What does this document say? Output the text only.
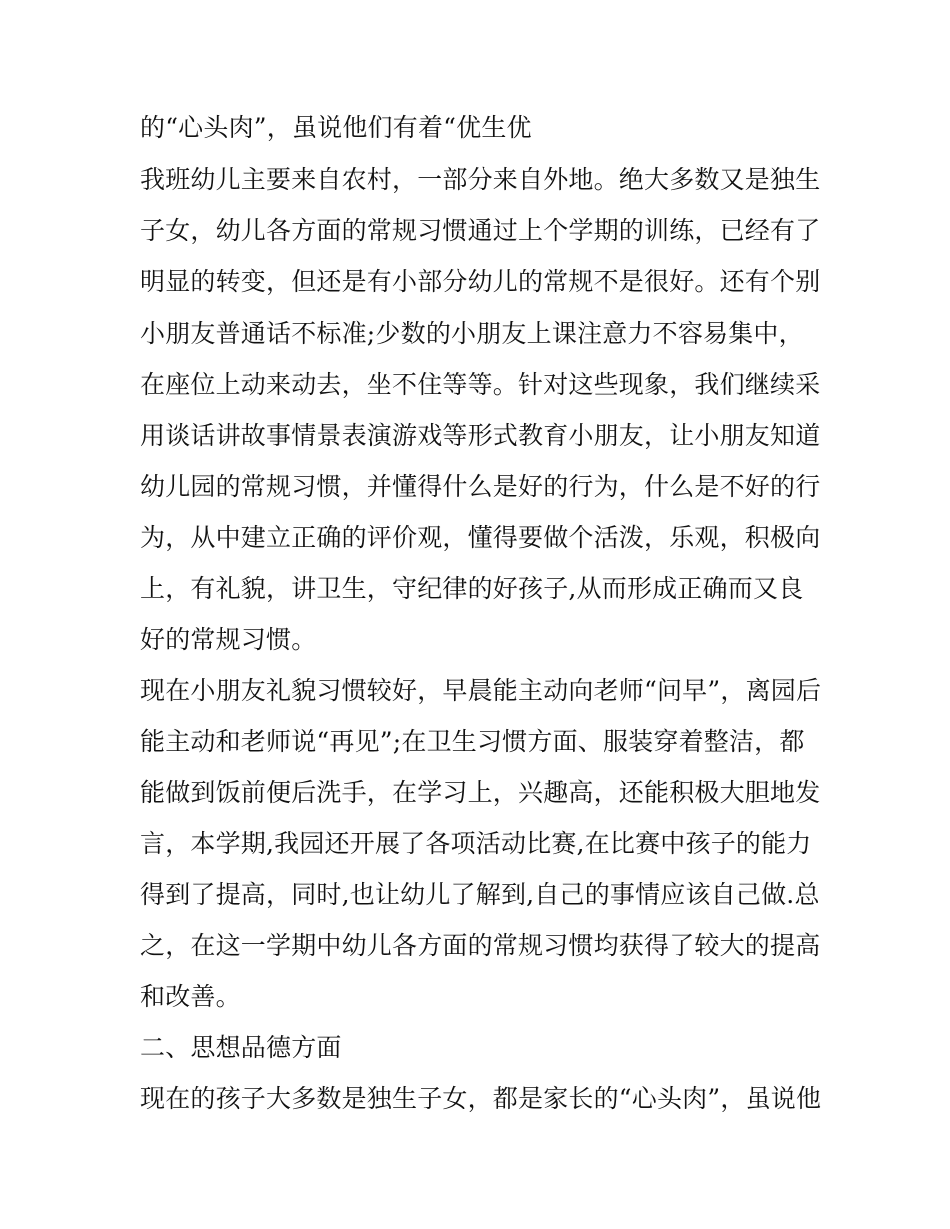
的“心头肉”，虽说他们有着“优生优
我班幼儿主要来自农村，一部分来自外地。绝大多数又是独生
子女，幼儿各方面的常规习惯通过上个学期的训练，已经有了
明显的转变，但还是有小部分幼儿的常规不是很好。还有个别
小朋友普通话不标准;少数的小朋友上课注意力不容易集中，
在座位上动来动去，坐不住等等。针对这些现象，我们继续采
用谈话讲故事情景表演游戏等形式教育小朋友，让小朋友知道
幼儿园的常规习惯，并懂得什么是好的行为，什么是不好的行
为，从中建立正确的评价观，懂得要做个活泼，乐观，积极向
上，有礼貌，讲卫生，守纪律的好孩子,从而形成正确而又良
好的常规习惯。
现在小朋友礼貌习惯较好，早晨能主动向老师“问早”，离园后
能主动和老师说“再见”;在卫生习惯方面、服装穿着整洁，都
能做到饭前便后洗手，在学习上，兴趣高，还能积极大胆地发
言，本学期,我园还开展了各项活动比赛,在比赛中孩子的能力
得到了提高，同时,也让幼儿了解到,自己的事情应该自己做.总
之，在这一学期中幼儿各方面的常规习惯均获得了较大的提高
和改善。
二、思想品德方面
现在的孩子大多数是独生子女，都是家长的“心头肉”，虽说他
